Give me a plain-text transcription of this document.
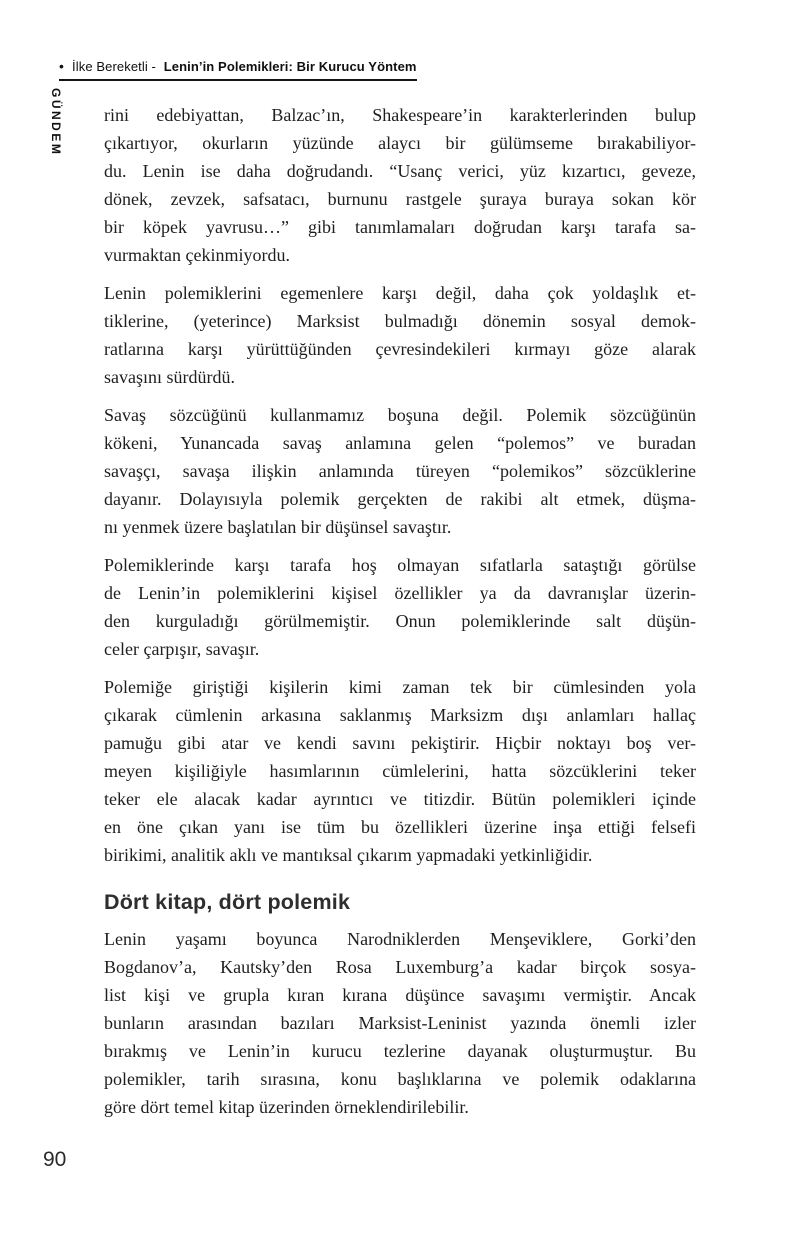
• İlke Bereketli - Lenin’in Polemikleri: Bir Kurucu Yöntem
GÜNDEM rini edebiyattan, Balzac’ın, Shakespeare’in karakterlerinden bulup
çıkartıyor, okurların yüzünde alaycı bir gülümseme bırakabiliyor-
du. Lenin ise daha doğrudandı. “Usanç verici, yüz kızartıcı, geveze,
dönek, zevzek, safsatacı, burnunu rastgele şuraya buraya sokan kör
bir köpek yavrusu…” gibi tanımlamaları doğrudan karşı tarafa sa-
vurmaktan çekinmiyordu.
Lenin polemiklerini egemenlere karşı değil, daha çok yoldaşlık et-
tiklerine, (yeterince) Marksist bulmadığı dönemin sosyal demok-
ratlarına karşı yürüttüğünden çevresindekileri kırmayı göze alarak
savaşını sürdürdü.
Savaş sözcüğünü kullanmamız boşuna değil. Polemik sözcüğünün
kökeni, Yunancada savaş anlamına gelen “polemos” ve buradan
savaşçı, savaşa ilişkin anlamında türeyen “polemikos” sözcüklerine
dayanır. Dolayısıyla polemik gerçekten de rakibi alt etmek, düşma-
nı yenmek üzere başlatılan bir düşünsel savaştır.
Polemiklerinde karşı tarafa hoş olmayan sıfatlarla sataştığı görülse
de Lenin’in polemiklerini kişisel özellikler ya da davranışlar üzerin-
den kurguladığı görülmemiştir. Onun polemiklerinde salt düşün-
celer çarpışır, savaşır.
Polemiğe giriştiği kişilerin kimi zaman tek bir cümlesinden yola
çıkarak cümlenin arkasına saklanmış Marksizm dışı anlamları hallaç
pamuğu gibi atar ve kendi savını pekiştirir. Hiçbir noktayı boş ver-
meyen kişiliğiyle hasımlarının cümlelerini, hatta sözcüklerini teker
teker ele alacak kadar ayrıntıcı ve titizdir. Bütün polemikleri içinde
en öne çıkan yanı ise tüm bu özellikleri üzerine inşa ettiği felsefi
birikimi, analitik aklı ve mantıksal çıkarım yapmadaki yetkinliğidir.
Dört kitap, dört polemik
Lenin yaşamı boyunca Narodniklerden Menşeviklere, Gorki’den
Bogdanov’a, Kautsky’den Rosa Luxemburg’a kadar birçok sosya-
list kişi ve grupla kıran kırana düşünce savaşımı vermiştir. Ancak
bunların arasından bazıları Marksist-Leninist yazında önemli izler
bırakmış ve Lenin’in kurucu tezlerine dayanak oluşturmuştur. Bu
polemikler, tarih sırasına, konu başlıklarına ve polemik odaklarına
göre dört temel kitap üzerinden örneklendirilebilir.
90
